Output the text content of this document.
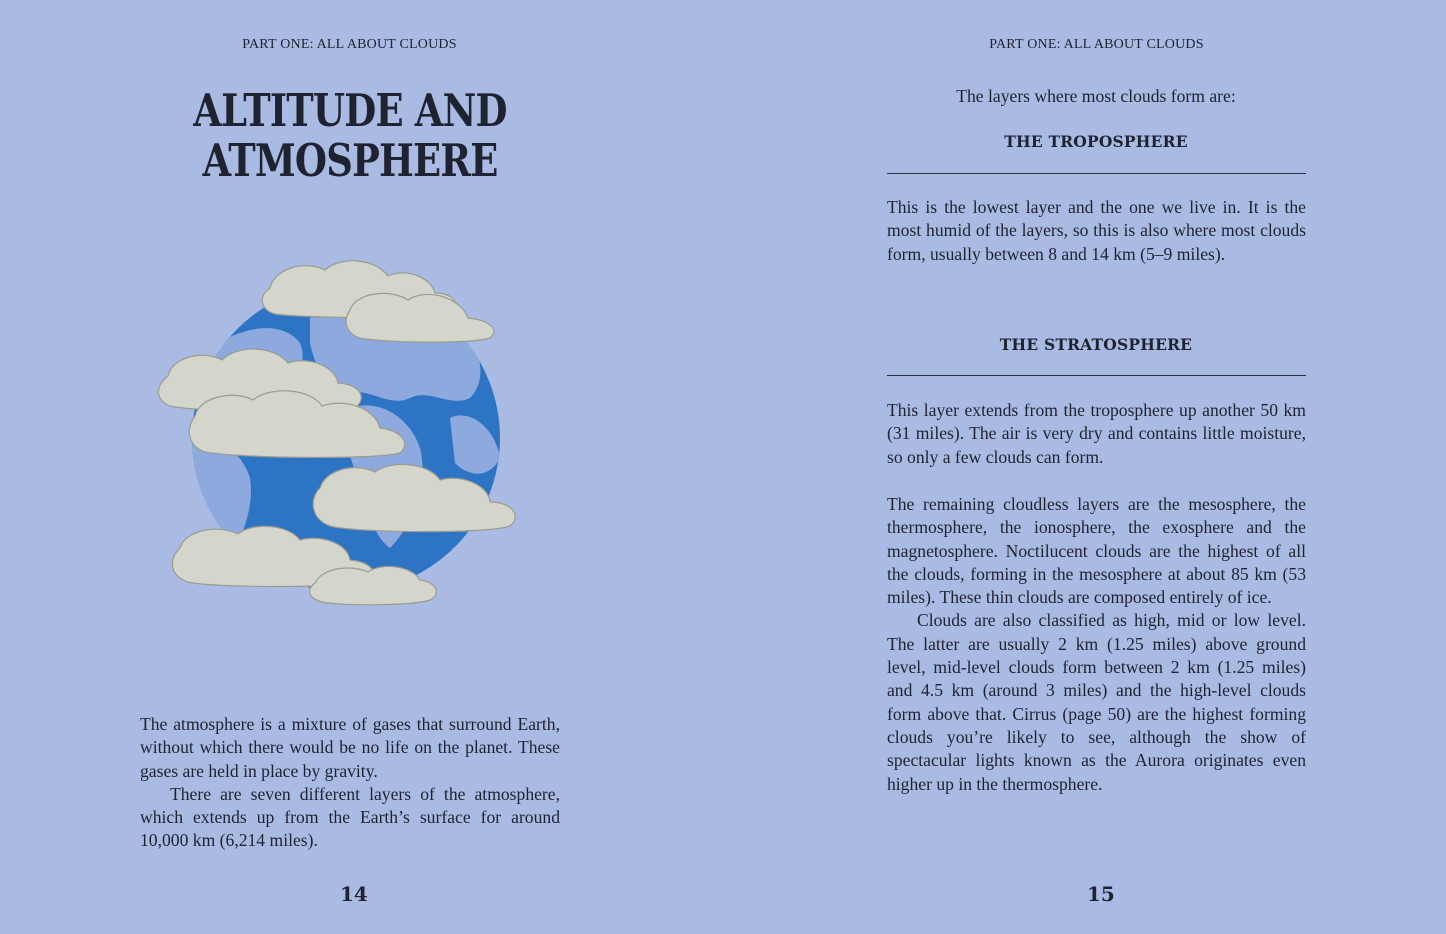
PART ONE: ALL ABOUT CLOUDS
ALTITUDE AND
ATMOSPHERE

The atmosphere is a mixture of gases that surround Earth, without which there would be no life on the planet. These gases are held in place by gravity.

There are seven different layers of the atmosphere, which extends up from the Earth’s surface for around 10,000 km (6,214 miles).

14
PART ONE: ALL ABOUT CLOUDS
The layers where most clouds form are:
THE TROPOSPHERE

This is the lowest layer and the one we live in. It is the most humid of the layers, so this is also where most clouds form, usually between 8 and 14 km (5–9 miles).

THE STRATOSPHERE

This layer extends from the troposphere up another 50 km (31 miles). The air is very dry and contains little moisture, so only a few clouds can form.

The remaining cloudless layers are the mesosphere, the thermosphere, the ionosphere, the exosphere and the magnetosphere. Noctilucent clouds are the highest of all the clouds, forming in the mesosphere at about 85 km (53 miles). These thin clouds are composed entirely of ice.

Clouds are also classified as high, mid or low level. The latter are usually 2 km (1.25 miles) above ground level, mid-level clouds form between 2 km (1.25 miles) and 4.5 km (around 3 miles) and the high-level clouds form above that. Cirrus (page 50) are the highest forming clouds you’re likely to see, although the show of spectacular lights known as the Aurora originates even higher up in the thermosphere.

15
